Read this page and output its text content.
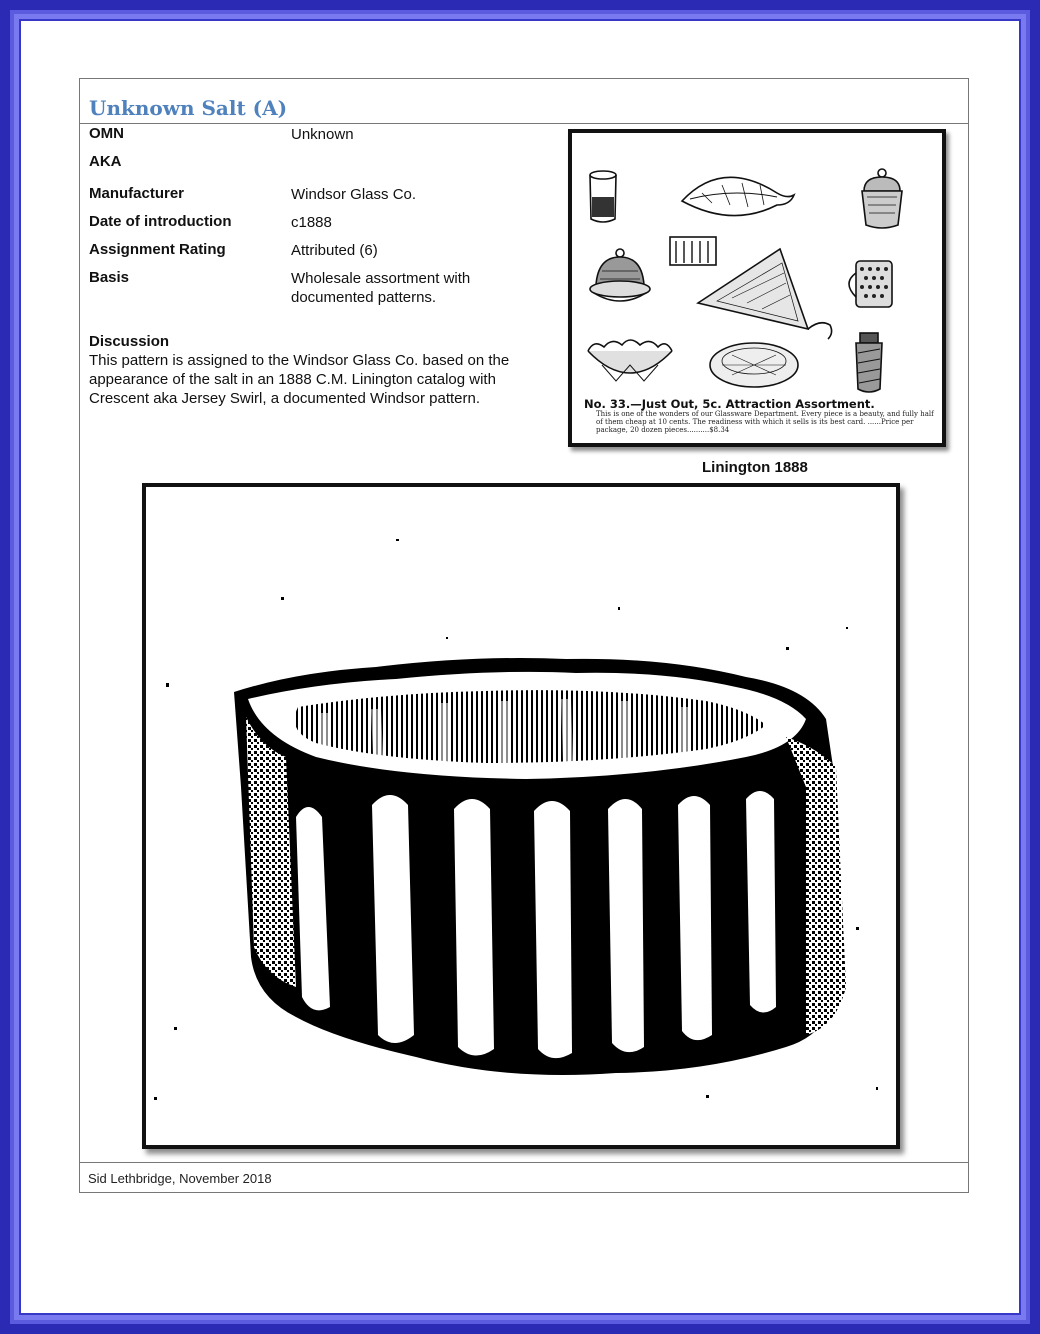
Unknown Salt (A)
OMN	Unknown
AKA
Manufacturer	Windsor Glass Co.
Date of introduction	c1888
Assignment Rating	Attributed (6)
Basis	Wholesale assortment with documented patterns.
Discussion
This pattern is assigned to the Windsor Glass Co. based on the appearance of the salt in an 1888 C.M. Linington catalog with Crescent aka Jersey Swirl, a documented Windsor pattern.	No. 33.—Just Out, 5c. Attraction Assortment.
This is one of the wonders of our Glassware Department. Every piece is a beauty, and fully half of them cheap at 10 cents. The readiness with which it sells is its best card. ......Price per package, 20 dozen pieces..........$8.34
Linington 1888
Sid Lethbridge, November 2018
